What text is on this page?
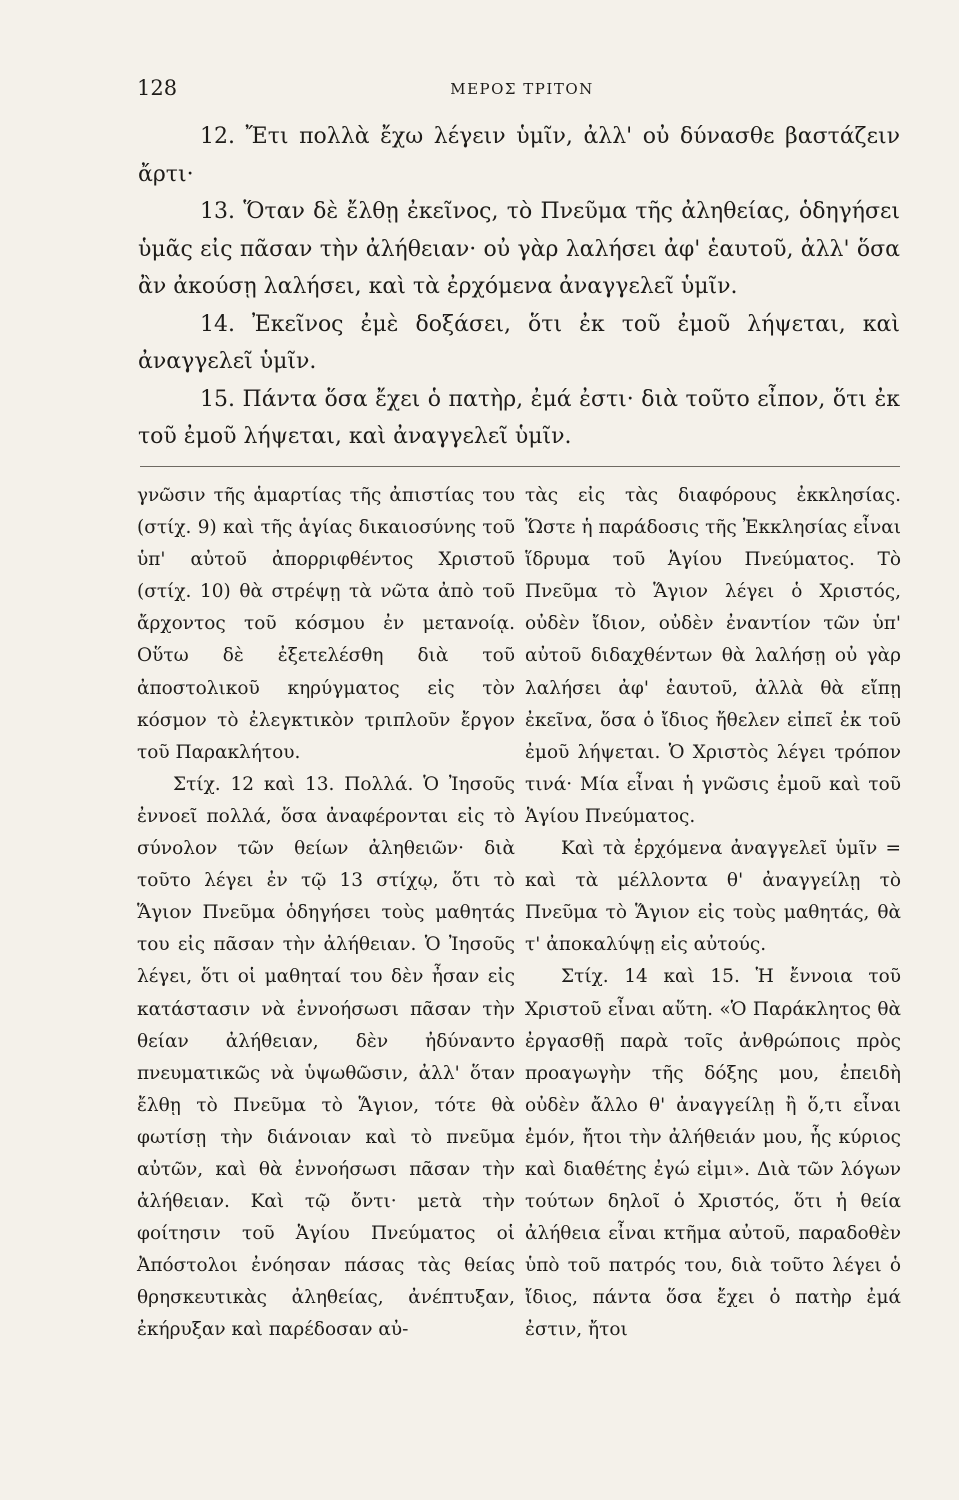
128	ΜΕΡΟΣ ΤΡΙΤΟΝ

12. Ἔτι πολλὰ ἔχω λέγειν ὑμῖν, ἀλλ' οὐ δύνασθε βαστάζειν ἄρτι·

13. Ὅταν δὲ ἔλθῃ ἐκεῖνος, τὸ Πνεῦμα τῆς ἀληθείας, ὁδηγήσει ὑμᾶς εἰς πᾶσαν τὴν ἀλήθειαν· οὐ γὰρ λαλήσει ἀφ' ἑαυτοῦ, ἀλλ' ὅσα ἂν ἀκούσῃ λαλήσει, καὶ τὰ ἐρχόμενα ἀναγγελεῖ ὑμῖν.

14. Ἐκεῖνος ἐμὲ δοξάσει, ὅτι ἐκ τοῦ ἐμοῦ λήψεται, καὶ ἀναγγελεῖ ὑμῖν.

15. Πάντα ὅσα ἔχει ὁ πατὴρ, ἐμά ἐστι· διὰ τοῦτο εἶπον, ὅτι ἐκ τοῦ ἐμοῦ λήψεται, καὶ ἀναγγελεῖ ὑμῖν.

γνῶσιν τῆς ἁμαρτίας τῆς ἀπιστίας του (στίχ. 9) καὶ τῆς ἁγίας δικαιοσύνης τοῦ ὑπ' αὐτοῦ ἀπορριφθέντος Χριστοῦ (στίχ. 10) θὰ στρέψῃ τὰ νῶτα ἀπὸ τοῦ ἄρχοντος τοῦ κόσμου ἐν μετανοίᾳ. Οὕτω δὲ ἐξετελέσθη διὰ τοῦ ἀποστολικοῦ κηρύγματος εἰς τὸν κόσμον τὸ ἐλεγκτικὸν τριπλοῦν ἔργον τοῦ Παρακλήτου.

Στίχ. 12 καὶ 13. Πολλά. Ὁ Ἰησοῦς ἐννοεῖ πολλά, ὅσα ἀναφέρονται εἰς τὸ σύνολον τῶν θείων ἀληθειῶν· διὰ τοῦτο λέγει ἐν τῷ 13 στίχῳ, ὅτι τὸ Ἅγιον Πνεῦμα ὁδηγήσει τοὺς μαθητάς του εἰς πᾶσαν τὴν ἀλήθειαν. Ὁ Ἰησοῦς λέγει, ὅτι οἱ μαθηταί του δὲν ἦσαν εἰς κατάστασιν νὰ ἐννοήσωσι πᾶσαν τὴν θείαν ἀλήθειαν, δὲν ἠδύναντο πνευματικῶς νὰ ὑψωθῶσιν, ἀλλ' ὅταν ἔλθῃ τὸ Πνεῦμα τὸ Ἅγιον, τότε θὰ φωτίσῃ τὴν διάνοιαν καὶ τὸ πνεῦμα αὐτῶν, καὶ θὰ ἐννοήσωσι πᾶσαν τὴν ἀλήθειαν. Καὶ τῷ ὄντι· μετὰ τὴν φοίτησιν τοῦ Ἁγίου Πνεύματος οἱ Ἀπόστολοι ἐνόησαν πάσας τὰς θείας θρησκευτικὰς ἀληθείας, ἀνέπτυξαν, ἐκήρυξαν καὶ παρέδοσαν αὐ-

τὰς εἰς τὰς διαφόρους ἐκκλησίας. Ὥστε ἡ παράδοσις τῆς Ἐκκλησίας εἶναι ἵδρυμα τοῦ Ἁγίου Πνεύματος. Τὸ Πνεῦμα τὸ Ἅγιον λέγει ὁ Χριστός, οὐδὲν ἴδιον, οὐδὲν ἐναντίον τῶν ὑπ' αὐτοῦ διδαχθέντων θὰ λαλήσῃ οὐ γὰρ λαλήσει ἀφ' ἑαυτοῦ, ἀλλὰ θὰ εἴπῃ ἐκεῖνα, ὅσα ὁ ἴδιος ἤθελεν εἰπεῖ ἐκ τοῦ ἐμοῦ λήψεται. Ὁ Χριστὸς λέγει τρόπον τινά· Μία εἶναι ἡ γνῶσις ἐμοῦ καὶ τοῦ Ἁγίου Πνεύματος.

Καὶ τὰ ἐρχόμενα ἀναγγελεῖ ὑμῖν = καὶ τὰ μέλλοντα θ' ἀναγγείλῃ τὸ Πνεῦμα τὸ Ἅγιον εἰς τοὺς μαθητάς, θὰ τ' ἀποκαλύψῃ εἰς αὐτούς.

Στίχ. 14 καὶ 15. Ἡ ἔννοια τοῦ Χριστοῦ εἶναι αὕτη. «Ὁ Παράκλητος θὰ ἐργασθῇ παρὰ τοῖς ἀνθρώποις πρὸς προαγωγὴν τῆς δόξης μου, ἐπειδὴ οὐδὲν ἄλλο θ' ἀναγγείλῃ ἢ ὅ,τι εἶναι ἐμόν, ἤτοι τὴν ἀλήθειάν μου, ἧς κύριος καὶ διαθέτης ἐγώ εἰμι». Διὰ τῶν λόγων τούτων δηλοῖ ὁ Χριστός, ὅτι ἡ θεία ἀλήθεια εἶναι κτῆμα αὐτοῦ, παραδοθὲν ὑπὸ τοῦ πατρός του, διὰ τοῦτο λέγει ὁ ἴδιος, πάντα ὅσα ἔχει ὁ πατὴρ ἐμά ἐστιν, ἤτοι
